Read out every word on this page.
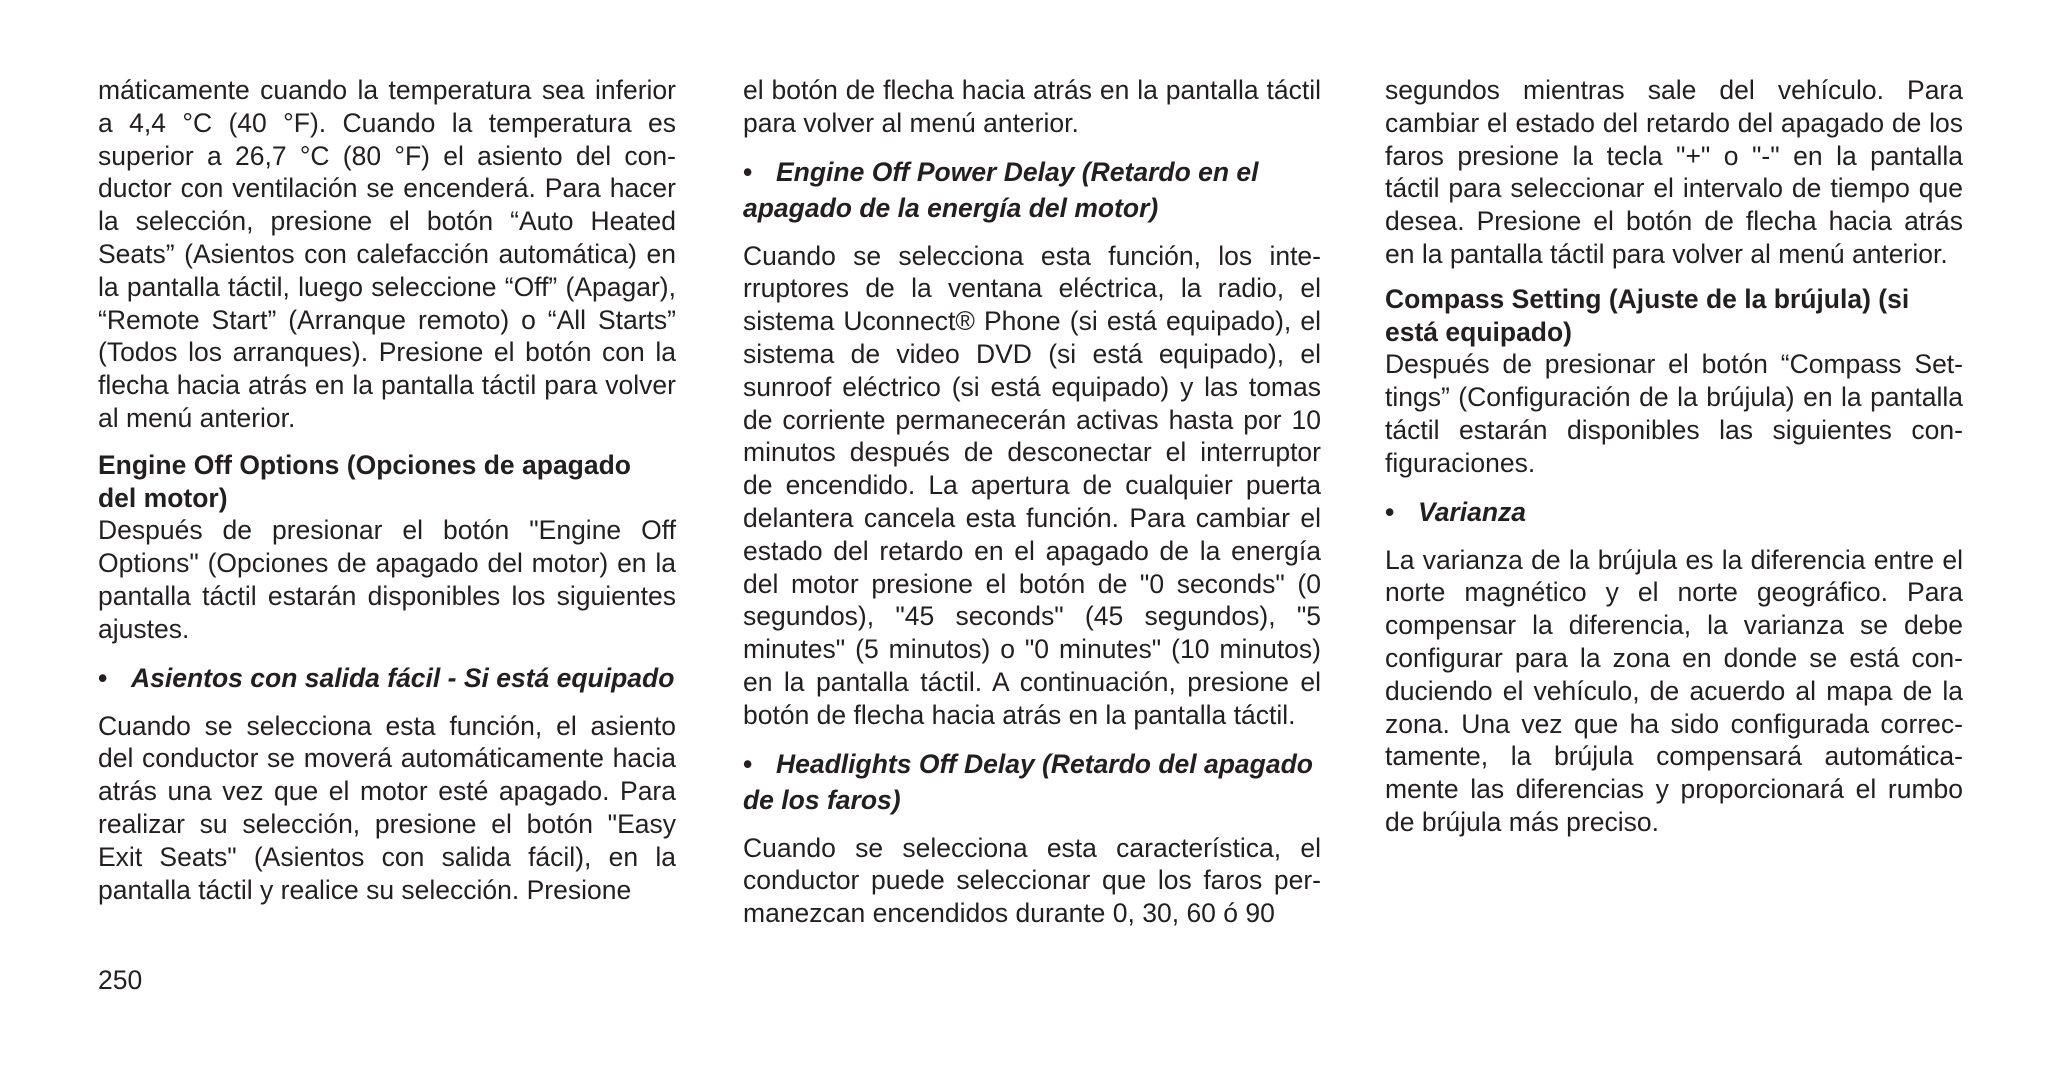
máticamente cuando la temperatura sea inferior a 4,4 °C (40 °F). Cuando la temperatura es superior a 26,7 °C (80 °F) el asiento del conductor con ventilación se encenderá. Para hacer la selección, presione el botón “Auto Heated Seats” (Asientos con calefacción automática) en la pantalla táctil, luego seleccione “Off” (Apagar), “Remote Start” (Arranque remoto) o “All Starts” (Todos los arranques). Presione el botón con la flecha hacia atrás en la pantalla táctil para volver al menú anterior.

Engine Off Options (Opciones de apagado del motor)

Después de presionar el botón "Engine Off Options" (Opciones de apagado del motor) en la pantalla táctil estarán disponibles los siguientes ajustes.

• Asientos con salida fácil - Si está equipado

Cuando se selecciona esta función, el asiento del conductor se moverá automáticamente hacia atrás una vez que el motor esté apagado. Para realizar su selección, presione el botón "Easy Exit Seats" (Asientos con salida fácil), en la pantalla táctil y realice su selección. Presione

el botón de flecha hacia atrás en la pantalla táctil para volver al menú anterior.

• Engine Off Power Delay (Retardo en el apagado de la energía del motor)

Cuando se selecciona esta función, los interruptores de la ventana eléctrica, la radio, el sistema Uconnect® Phone (si está equipado), el sistema de video DVD (si está equipado), el sunroof eléctrico (si está equipado) y las tomas de corriente permanecerán activas hasta por 10 minutos después de desconectar el interruptor de encendido. La apertura de cualquier puerta delantera cancela esta función. Para cambiar el estado del retardo en el apagado de la energía del motor presione el botón de "0 seconds" (0 segundos), "45 seconds" (45 segundos), "5 minutes" (5 minutos) o "0 minutes" (10 minutos) en la pantalla táctil. A continuación, presione el botón de flecha hacia atrás en la pantalla táctil.

• Headlights Off Delay (Retardo del apagado de los faros)

Cuando se selecciona esta característica, el conductor puede seleccionar que los faros permanezcan encendidos durante 0, 30, 60 ó 90

segundos mientras sale del vehículo. Para cambiar el estado del retardo del apagado de los faros presione la tecla "+" o "-" en la pantalla táctil para seleccionar el intervalo de tiempo que desea. Presione el botón de flecha hacia atrás en la pantalla táctil para volver al menú anterior.

Compass Setting (Ajuste de la brújula) (si está equipado)

Después de presionar el botón “Compass Settings” (Configuración de la brújula) en la pantalla táctil estarán disponibles las siguientes configuraciones.

• Varianza

La varianza de la brújula es la diferencia entre el norte magnético y el norte geográfico. Para compensar la diferencia, la varianza se debe configurar para la zona en donde se está conduciendo el vehículo, de acuerdo al mapa de la zona. Una vez que ha sido configurada correctamente, la brújula compensará automáticamente las diferencias y proporcionará el rumbo de brújula más preciso.

250
